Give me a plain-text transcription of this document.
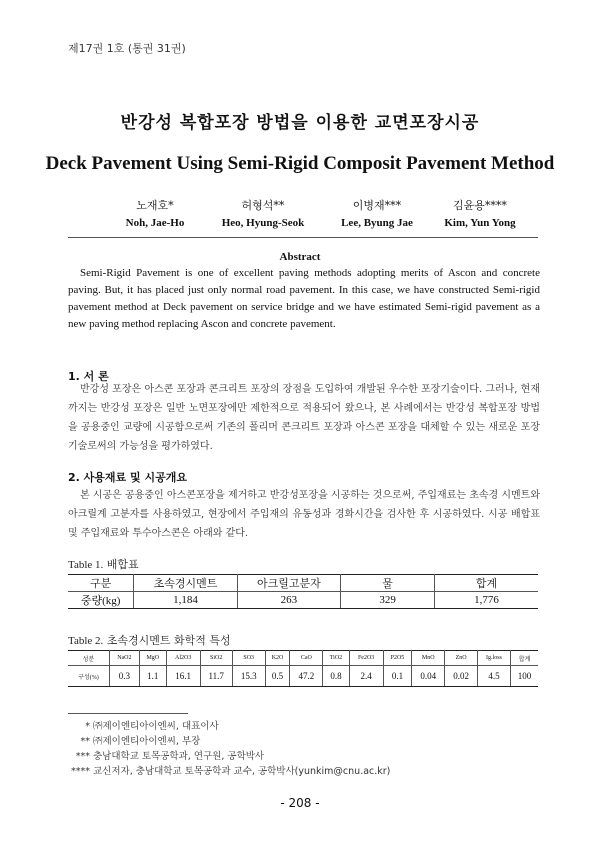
제17권 1호 (통권 31권)
반강성 복합포장 방법을 이용한 교면포장시공
Deck Pavement Using Semi-Rigid Composit Pavement Method
노재호*
Noh, Jae-Ho
허형석**
Heo, Hyung-Seok
이병재***
Lee, Byung Jae
김윤용****
Kim, Yun Yong
Abstract
Semi-Rigid Pavement is one of excellent paving methods adopting merits of Ascon and concrete paving. But, it has placed just only normal road pavement. In this case, we have constructed Semi-rigid pavement method at Deck pavement on service bridge and we have estimated Semi-rigid pavement as a new paving method replacing Ascon and concrete pavement.
1. 서 론
반강성 포장은 아스콘 포장과 콘크리트 포장의 장점을 도입하여 개발된 우수한 포장기술이다. 그러나, 현재까지는 반강성 포장은 일반 노면포장에만 제한적으로 적용되어 왔으나, 본 사례에서는 반강성 복합포장 방법을 공용중인 교량에 시공함으로써 기존의 폴리머 콘크리트 포장과 아스콘 포장을 대체할 수 있는 새로운 포장기술로써의 가능성을 평가하였다.
2. 사용재료 및 시공개요
본 시공은 공용중인 아스콘포장을 제거하고 반강성포장을 시공하는 것으로써, 주입재료는 초속경 시멘트와 아크릴계 고분자를 사용하였고, 현장에서 주입재의 유동성과 경화시간을 검사한 후 시공하였다. 시공 배합표 및 주입재료와 투수아스콘은 아래와 같다.
Table 1. 배합표
구분	초속경시멘트	아크릴고분자	물	합계
중량(kg)	1,184	263	329	1,776
Table 2. 초속경시멘트 화학적 특성
성분	NaO2	MgO	Al2O3	SiO2	SO3	K2O	CaO	TiO2	Fe2O3	P2O5	MnO	ZnO	Ig.loss	합계
구성(%)	0.3	1.1	16.1	11.7	15.3	0.5	47.2	0.8	2.4	0.1	0.04	0.02	4.5	100
* ㈜제이엔티아이엔씨, 대표이사
** ㈜제이엔티아이엔씨, 부장
*** 충남대학교 토목공학과, 연구원, 공학박사
**** 교신저자, 충남대학교 토목공학과 교수, 공학박사(yunkim@cnu.ac.kr)
- 208 -
